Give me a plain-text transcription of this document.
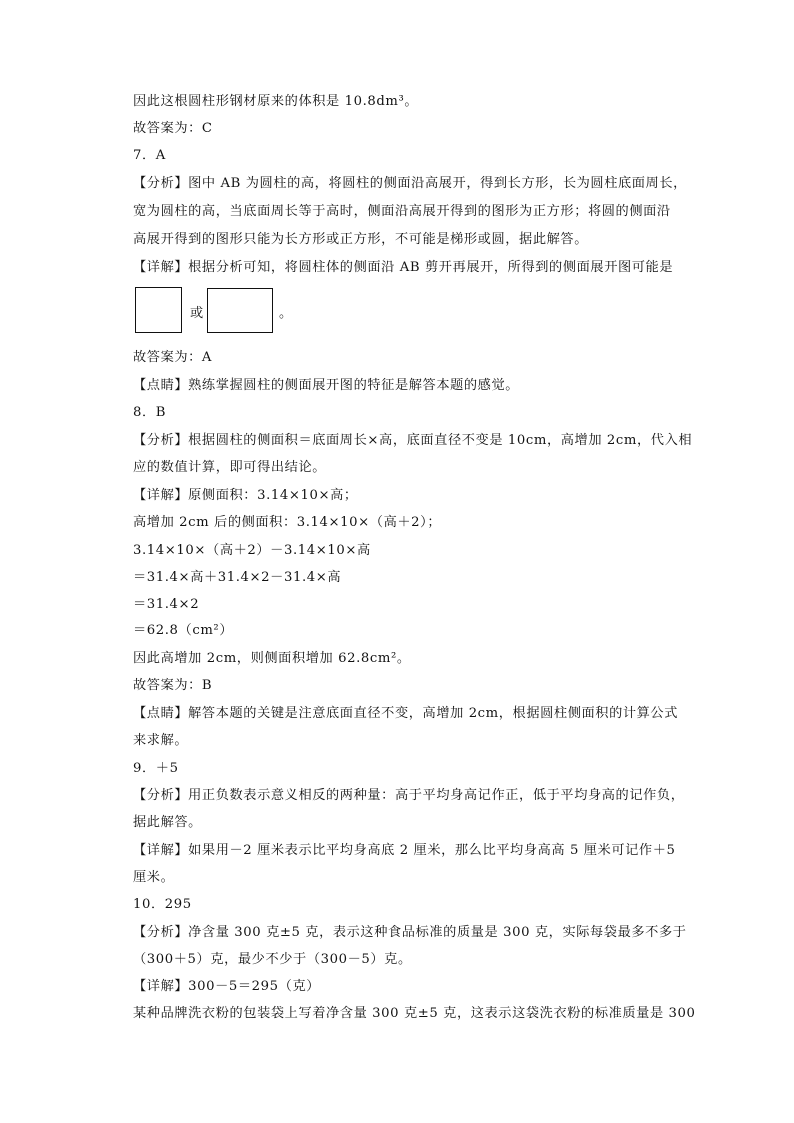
因此这根圆柱形钢材原来的体积是 10.8dm³。
故答案为：C
7．A
【分析】图中 AB 为圆柱的高，将圆柱的侧面沿高展开，得到长方形，长为圆柱底面周长，
宽为圆柱的高，当底面周长等于高时，侧面沿高展开得到的图形为正方形；将圆的侧面沿
高展开得到的图形只能为长方形或正方形，不可能是梯形或圆，据此解答。
【详解】根据分析可知，将圆柱体的侧面沿 AB 剪开再展开，所得到的侧面展开图可能是
或	。
故答案为：A
【点睛】熟练掌握圆柱的侧面展开图的特征是解答本题的感觉。
8．B
【分析】根据圆柱的侧面积＝底面周长×高，底面直径不变是 10cm，高增加 2cm，代入相
应的数值计算，即可得出结论。
【详解】原侧面积：3.14×10×高；
高增加 2cm 后的侧面积：3.14×10×（高＋2）；
3.14×10×（高＋2）－3.14×10×高
＝31.4×高＋31.4×2－31.4×高
＝31.4×2
＝62.8（cm²）
因此高增加 2cm，则侧面积增加 62.8cm²。
故答案为：B
【点睛】解答本题的关键是注意底面直径不变，高增加 2cm，根据圆柱侧面积的计算公式
来求解。
9．＋5
【分析】用正负数表示意义相反的两种量：高于平均身高记作正，低于平均身高的记作负，
据此解答。
【详解】如果用－2 厘米表示比平均身高底 2 厘米，那么比平均身高高 5 厘米可记作＋5
厘米。
10．295
【分析】净含量 300 克±5 克，表示这种食品标准的质量是 300 克，实际每袋最多不多于
（300＋5）克，最少不少于（300－5）克。
【详解】300－5＝295（克）
某种品牌洗衣粉的包装袋上写着净含量 300 克±5 克，这表示这袋洗衣粉的标准质量是 300
